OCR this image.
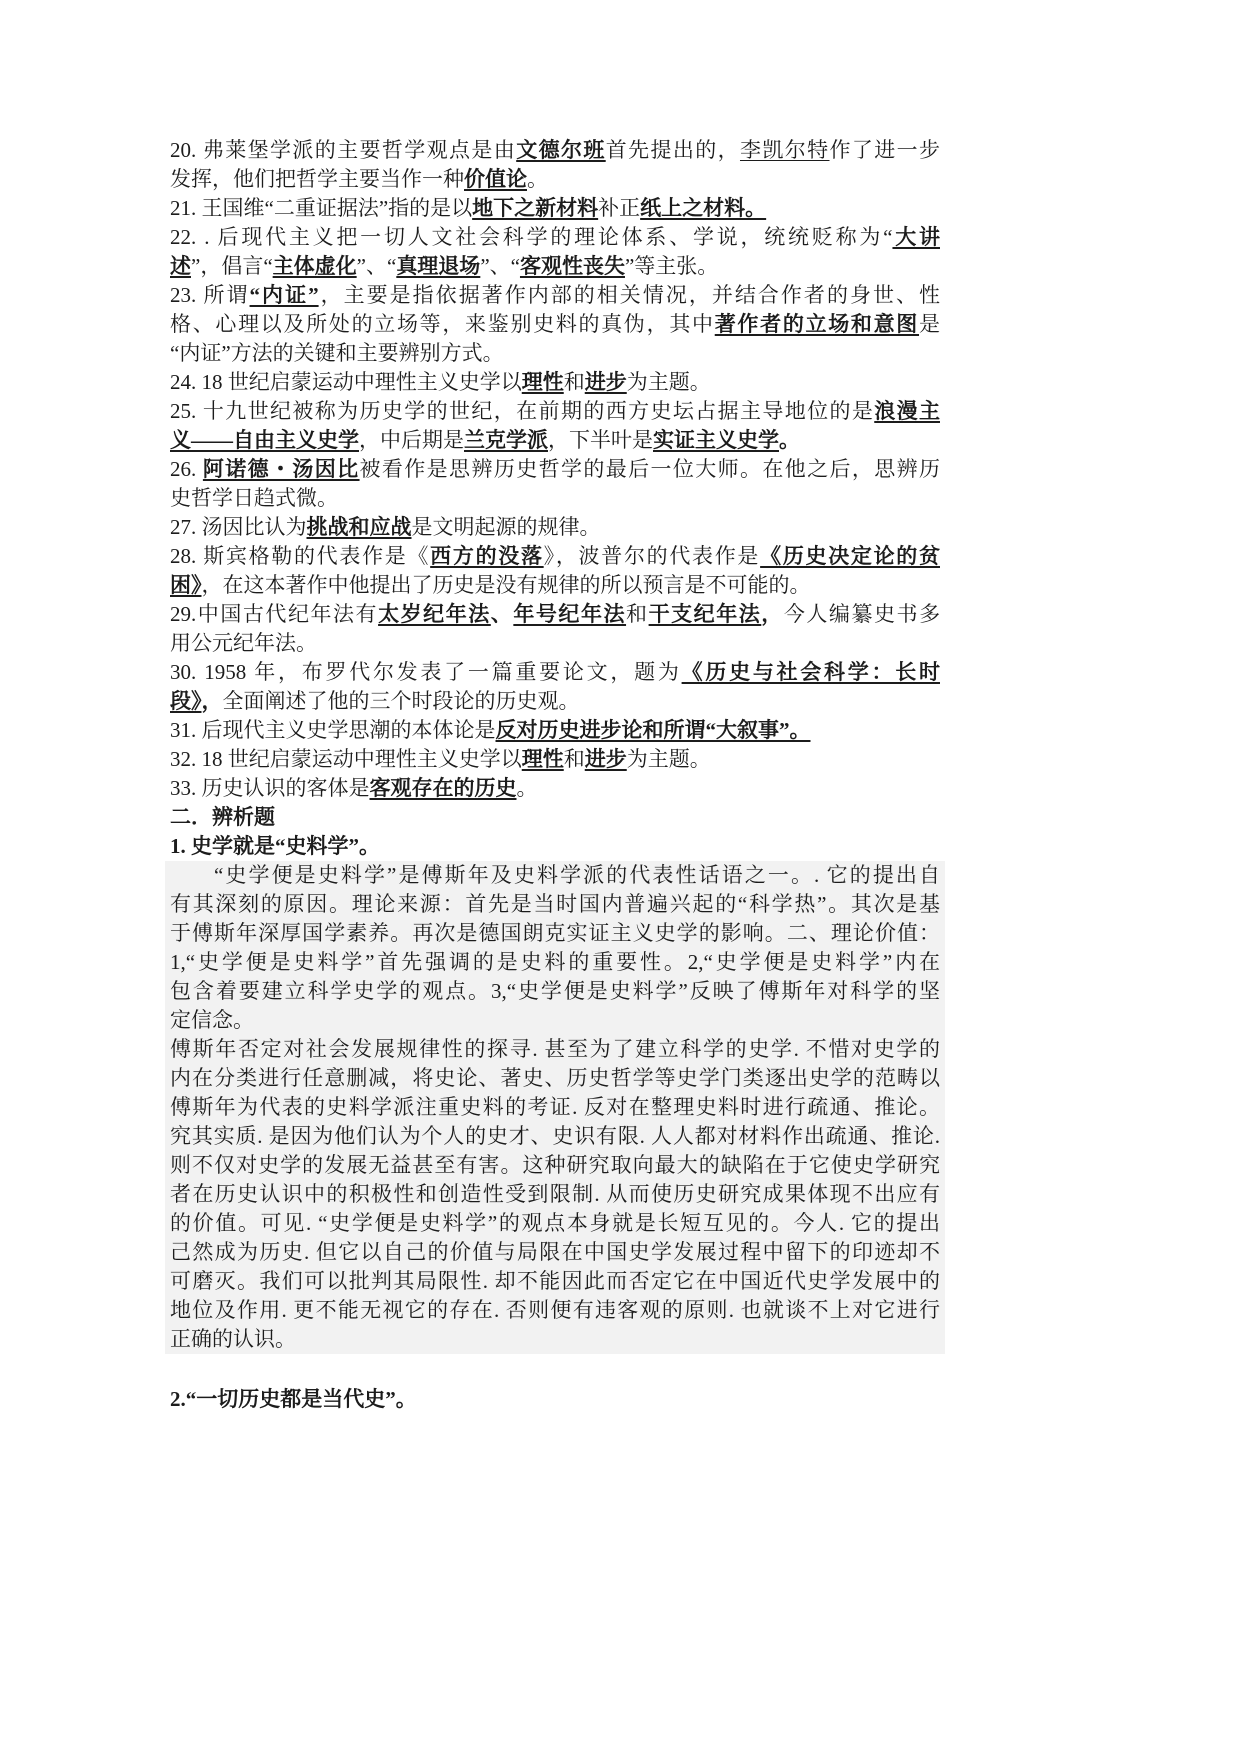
20. 弗莱堡学派的主要哲学观点是由文德尔班首先提出的，李凯尔特作了进一步
发挥，他们把哲学主要当作一种价值论。
21. 王国维“二重证据法”指的是以地下之新材料补正纸上之材料。
22. . 后现代主义把一切人文社会科学的理论体系、学说，统统贬称为“大讲
述”，倡言“主体虚化”、“真理退场”、“客观性丧失”等主张。
23. 所谓“内证”，主要是指依据著作内部的相关情况，并结合作者的身世、性
格、心理以及所处的立场等，来鉴别史料的真伪，其中著作者的立场和意图是
“内证”方法的关键和主要辨别方式。
24. 18 世纪启蒙运动中理性主义史学以理性和进步为主题。
25. 十九世纪被称为历史学的世纪，在前期的西方史坛占据主导地位的是浪漫主
义——自由主义史学，中后期是兰克学派，下半叶是实证主义史学。
26. 阿诺德・汤因比被看作是思辨历史哲学的最后一位大师。在他之后，思辨历
史哲学日趋式微。
27. 汤因比认为挑战和应战是文明起源的规律。
28. 斯宾格勒的代表作是《西方的没落》，波普尔的代表作是《历史决定论的贫
困》，在这本著作中他提出了历史是没有规律的所以预言是不可能的。
29.中国古代纪年法有太岁纪年法、年号纪年法和干支纪年法，今人编纂史书多
用公元纪年法。
30. 1958 年，布罗代尔发表了一篇重要论文，题为《历史与社会科学：长时
段》，全面阐述了他的三个时段论的历史观。
31. 后现代主义史学思潮的本体论是反对历史进步论和所谓“大叙事”。
32. 18 世纪启蒙运动中理性主义史学以理性和进步为主题。
33. 历史认识的客体是客观存在的历史。
二．辨析题
1. 史学就是“史料学”。
“史学便是史料学”是傅斯年及史料学派的代表性话语之一。. 它的提出自
有其深刻的原因。理论来源：首先是当时国内普遍兴起的“科学热”。其次是基
于傅斯年深厚国学素养。再次是德国朗克实证主义史学的影响。二、理论价值：
1,“史学便是史料学”首先强调的是史料的重要性。2,“史学便是史料学”内在
包含着要建立科学史学的观点。3,“史学便是史料学”反映了傅斯年对科学的坚
定信念。
傅斯年否定对社会发展规律性的探寻. 甚至为了建立科学的史学. 不惜对史学的
内在分类进行任意删减，将史论、著史、历史哲学等史学门类逐出史学的范畴以
傅斯年为代表的史料学派注重史料的考证. 反对在整理史料时进行疏通、推论。
究其实质. 是因为他们认为个人的史才、史识有限. 人人都对材料作出疏通、推论.
则不仅对史学的发展无益甚至有害。这种研究取向最大的缺陷在于它使史学研究
者在历史认识中的积极性和创造性受到限制. 从而使历史研究成果体现不出应有
的价值。可见. “史学便是史料学”的观点本身就是长短互见的。今人. 它的提出
己然成为历史. 但它以自己的价值与局限在中国史学发展过程中留下的印迹却不
可磨灭。我们可以批判其局限性. 却不能因此而否定它在中国近代史学发展中的
地位及作用. 更不能无视它的存在. 否则便有违客观的原则. 也就谈不上对它进行
正确的认识。
2.“一切历史都是当代史”。
